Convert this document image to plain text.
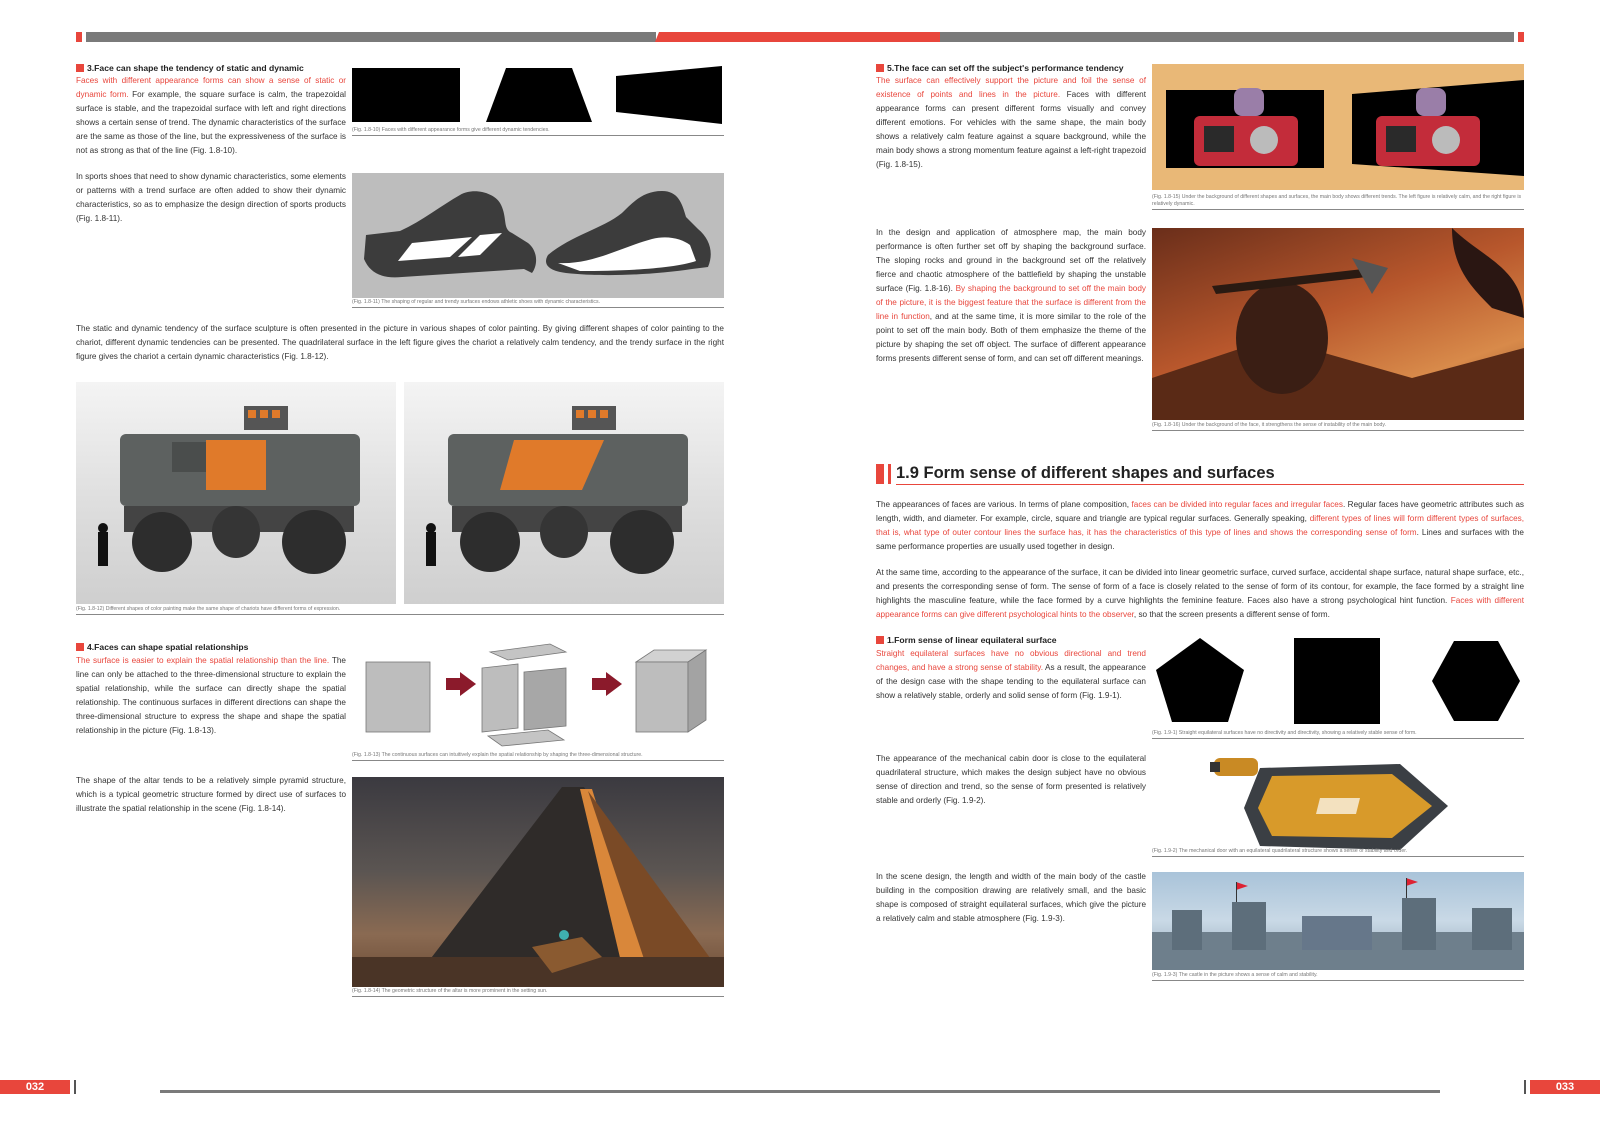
3.Face can shape the tendency of static and dynamic
Faces with different appearance forms can show a sense of static or dynamic form. For example, the square surface is calm, the trapezoidal surface is stable, and the trapezoidal surface with left and right directions shows a certain sense of trend. The dynamic characteristics of the surface are the same as those of the line, but the expressiveness of the surface is not as strong as that of the line (Fig. 1.8-10).
(Fig. 1.8-10) Faces with different appearance forms give different dynamic tendencies.
In sports shoes that need to show dynamic characteristics, some elements or patterns with a trend surface are often added to show their dynamic characteristics, so as to emphasize the design direction of sports products (Fig. 1.8-11).
(Fig. 1.8-11) The shaping of regular and trendy surfaces endows athletic shoes with dynamic characteristics.
The static and dynamic tendency of the surface sculpture is often presented in the picture in various shapes of color painting. By giving different shapes of color painting to the chariot, different dynamic tendencies can be presented. The quadrilateral surface in the left figure gives the chariot a relatively calm tendency, and the trendy surface in the right figure gives the chariot a certain dynamic characteristics (Fig. 1.8-12).
(Fig. 1.8-12) Different shapes of color painting make the same shape of chariots have different forms of expression.
4.Faces can shape spatial relationships
The surface is easier to explain the spatial relationship than the line. The line can only be attached to the three-dimensional structure to explain the spatial relationship, while the surface can directly shape the spatial relationship. The continuous surfaces in different directions can shape the three-dimensional structure to express the shape and shape the spatial relationship in the picture (Fig. 1.8-13).
(Fig. 1.8-13) The continuous surfaces can intuitively explain the spatial relationship by shaping the three-dimensional structure.
The shape of the altar tends to be a relatively simple pyramid structure, which is a typical geometric structure formed by direct use of surfaces to illustrate the spatial relationship in the scene (Fig. 1.8-14).
(Fig. 1.8-14) The geometric structure of the altar is more prominent in the setting sun.
5.The face can set off the subject's performance tendency
The surface can effectively support the picture and foil the sense of existence of points and lines in the picture. Faces with different appearance forms can present different forms visually and convey different emotions. For vehicles with the same shape, the main body shows a relatively calm feature against a square background, while the main body shows a strong momentum feature against a left-right trapezoid (Fig. 1.8-15).
(Fig. 1.8-15) Under the background of different shapes and surfaces, the main body shows different trends. The left figure is relatively calm, and the right figure is relatively dynamic.
In the design and application of atmosphere map, the main body performance is often further set off by shaping the background surface. The sloping rocks and ground in the background set off the relatively fierce and chaotic atmosphere of the battlefield by shaping the unstable surface (Fig. 1.8-16). By shaping the background to set off the main body of the picture, it is the biggest feature that the surface is different from the line in function, and at the same time, it is more similar to the role of the point to set off the main body. Both of them emphasize the theme of the picture by shaping the set off object. The surface of different appearance forms presents different sense of form, and can set off different meanings.
(Fig. 1.8-16) Under the background of the face, it strengthens the sense of instability of the main body.
1.9 Form sense of different shapes and surfaces
The appearances of faces are various. In terms of plane composition, faces can be divided into regular faces and irregular faces. Regular faces have geometric attributes such as length, width, and diameter. For example, circle, square and triangle are typical regular surfaces. Generally speaking, different types of lines will form different types of surfaces, that is, what type of outer contour lines the surface has, it has the characteristics of this type of lines and shows the corresponding sense of form. Lines and surfaces with the same performance properties are usually used together in design.
At the same time, according to the appearance of the surface, it can be divided into linear geometric surface, curved surface, accidental shape surface, natural shape surface, etc., and presents the corresponding sense of form. The sense of form of a face is closely related to the sense of form of its contour, for example, the face formed by a straight line highlights the masculine feature, while the face formed by a curve highlights the feminine feature. Faces also have a strong psychological hint function. Faces with different appearance forms can give different psychological hints to the observer, so that the screen presents a different sense of form.
1.Form sense of linear equilateral surface
Straight equilateral surfaces have no obvious directional and trend changes, and have a strong sense of stability. As a result, the appearance of the design case with the shape tending to the equilateral surface can show a relatively stable, orderly and solid sense of form (Fig. 1.9-1).
(Fig. 1.9-1) Straight equilateral surfaces have no directivity and directivity, showing a relatively stable sense of form.
The appearance of the mechanical cabin door is close to the equilateral quadrilateral structure, which makes the design subject have no obvious sense of direction and trend, so the sense of form presented is relatively stable and orderly (Fig. 1.9-2).
(Fig. 1.9-2) The mechanical door with an equilateral quadrilateral structure shows a sense of stability and order.
In the scene design, the length and width of the main body of the castle building in the composition drawing are relatively small, and the basic shape is composed of straight equilateral surfaces, which give the picture a relatively calm and stable atmosphere (Fig. 1.9-3).
(Fig. 1.9-3) The castle in the picture shows a sense of calm and stability.
032	033
